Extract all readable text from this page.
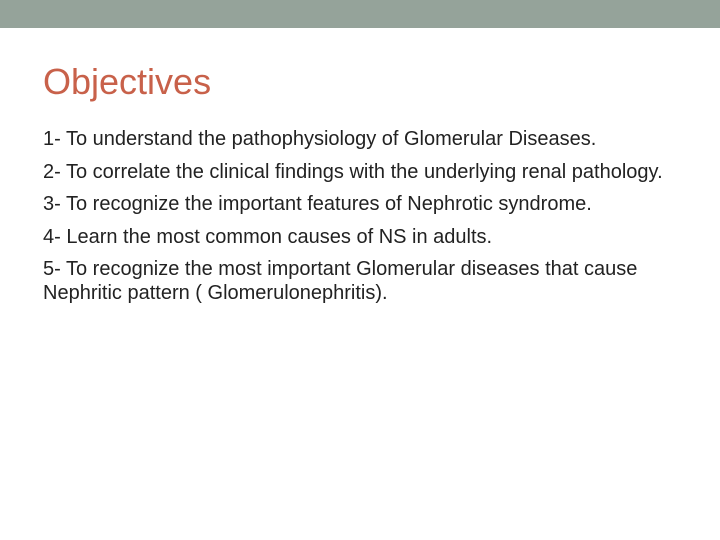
Objectives
1- To understand the pathophysiology of Glomerular Diseases.
2- To correlate the clinical findings with the underlying renal pathology.
3- To recognize the important features of Nephrotic syndrome.
4- Learn the most common causes of NS in adults.
5- To recognize the most important Glomerular diseases that cause Nephritic pattern ( Glomerulonephritis).
